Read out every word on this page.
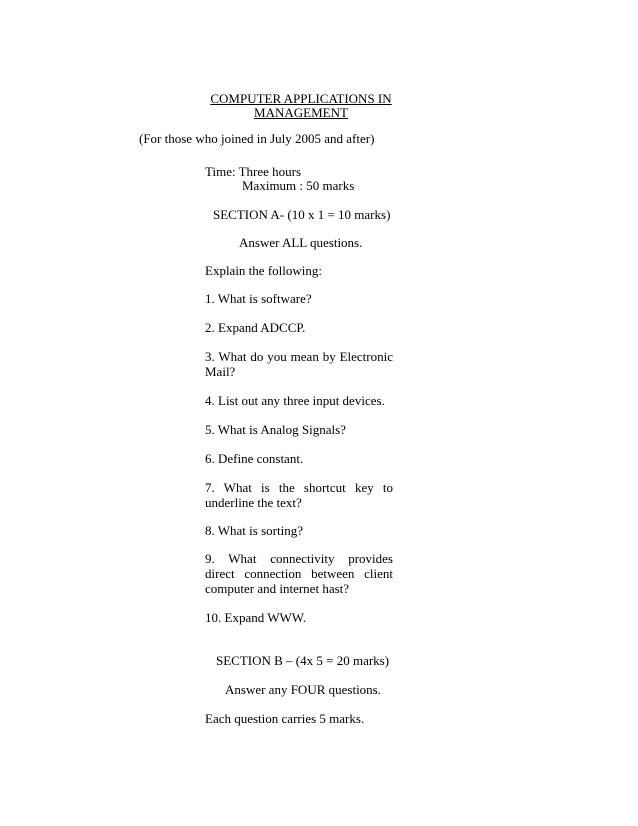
COMPUTER APPLICATIONS IN
MANAGEMENT
(For those who joined in July 2005 and after)
Time: Three hours
Maximum : 50 marks
SECTION A- (10 x 1 = 10 marks)
Answer ALL questions.
Explain the following:
1. What is software?
2. Expand ADCCP.
3. What do you mean by Electronic Mail?
4. List out any three input devices.
5. What is Analog Signals?
6. Define constant.
7. What is the shortcut key to underline the text?
8. What is sorting?
9. What connectivity provides direct connection between client computer and internet hast?
10. Expand WWW.
SECTION B – (4x 5 = 20 marks)
Answer any FOUR questions.
Each question carries 5 marks.
